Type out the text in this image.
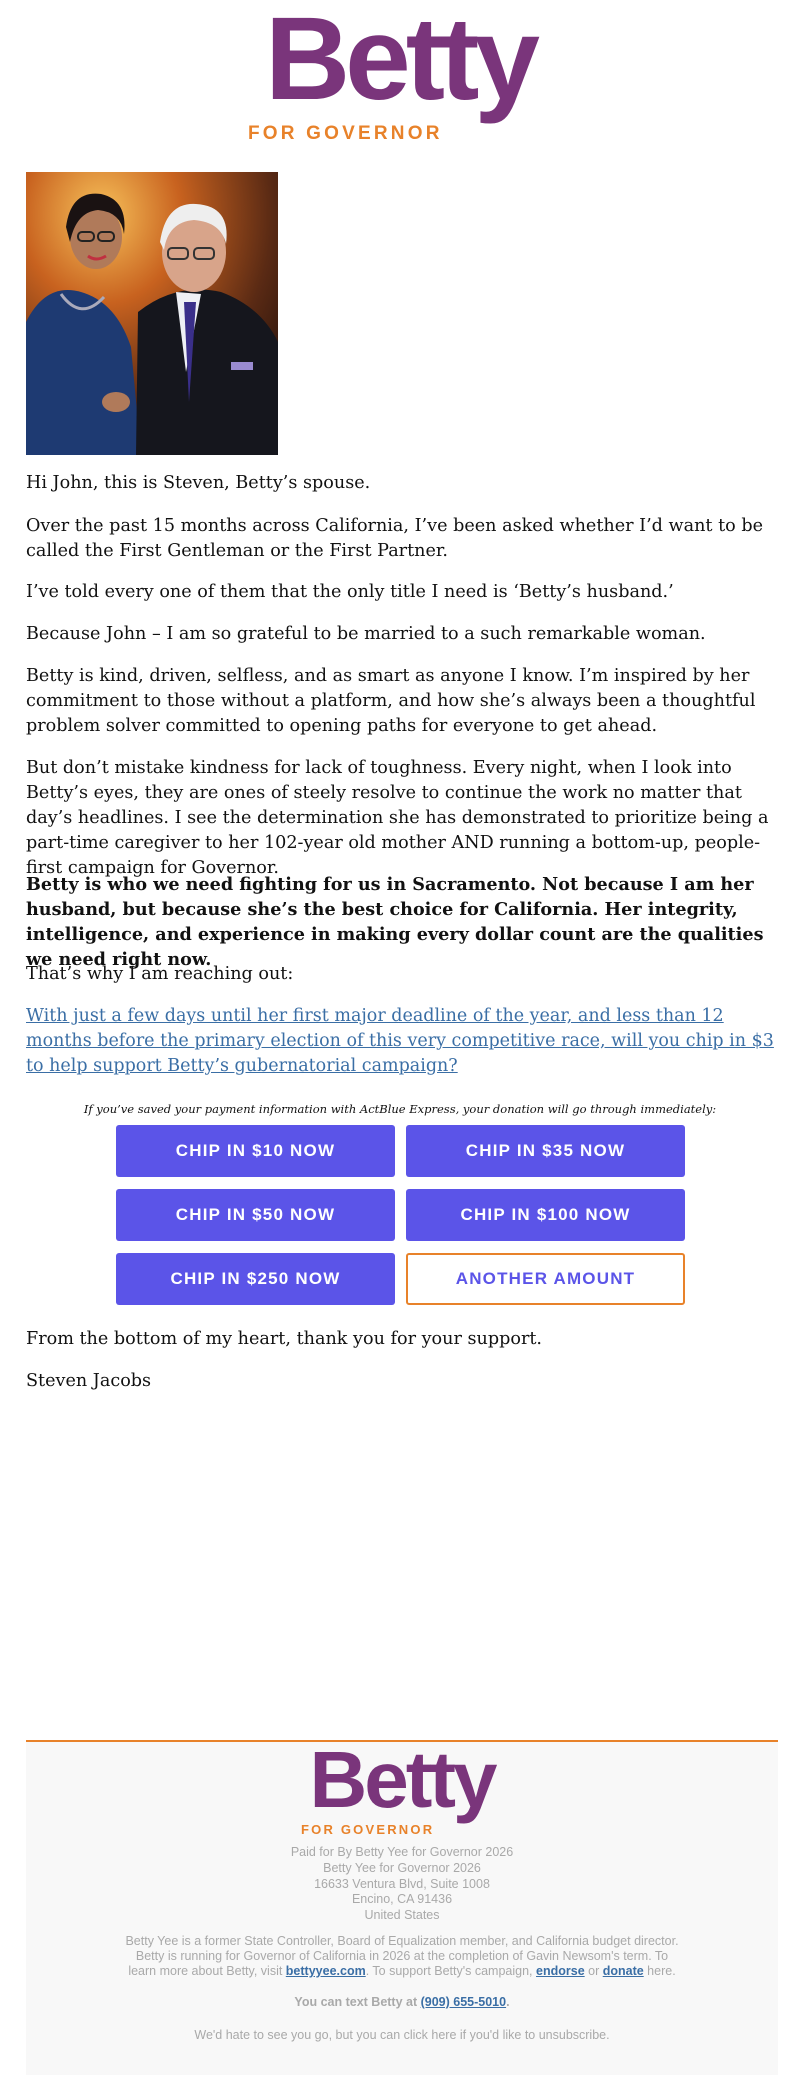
Betty
FOR GOVERNOR
Hi John, this is Steven, Betty’s spouse.
Over the past 15 months across California, I’ve been asked whether I’d want to be called the First Gentleman or the First Partner.
I’ve told every one of them that the only title I need is ‘Betty’s husband.’
Because John – I am so grateful to be married to a such remarkable woman.
Betty is kind, driven, selfless, and as smart as anyone I know. I’m inspired by her commitment to those without a platform, and how she’s always been a thoughtful problem solver committed to opening paths for everyone to get ahead.
But don’t mistake kindness for lack of toughness. Every night, when I look into Betty’s eyes, they are ones of steely resolve to continue the work no matter that day’s headlines. I see the determination she has demonstrated to prioritize being a part-time caregiver to her 102-year old mother AND running a bottom-up, people-first campaign for Governor.
Betty is who we need fighting for us in Sacramento. Not because I am her husband, but because she’s the best choice for California. Her integrity, intelligence, and experience in making every dollar count are the qualities we need right now.
That’s why I am reaching out:
With just a few days until her first major deadline of the year, and less than 12 months before the primary election of this very competitive race, will you chip in $3 to help support Betty’s gubernatorial campaign?
If you’ve saved your payment information with ActBlue Express, your donation will go through immediately:
CHIP IN $10 NOW	CHIP IN $35 NOW
CHIP IN $50 NOW	CHIP IN $100 NOW
CHIP IN $250 NOW	ANOTHER AMOUNT
From the bottom of my heart, thank you for your support.
Steven Jacobs
Betty
FOR GOVERNOR
Paid for By Betty Yee for Governor 2026
Betty Yee for Governor 2026
16633 Ventura Blvd, Suite 1008
Encino, CA 91436
United States
Betty Yee is a former State Controller, Board of Equalization member, and California budget director.
Betty is running for Governor of California in 2026 at the completion of Gavin Newsom's term. To
learn more about Betty, visit bettyyee.com. To support Betty's campaign, endorse or donate here.
You can text Betty at (909) 655-5010.
We'd hate to see you go, but you can click here if you'd like to unsubscribe.
